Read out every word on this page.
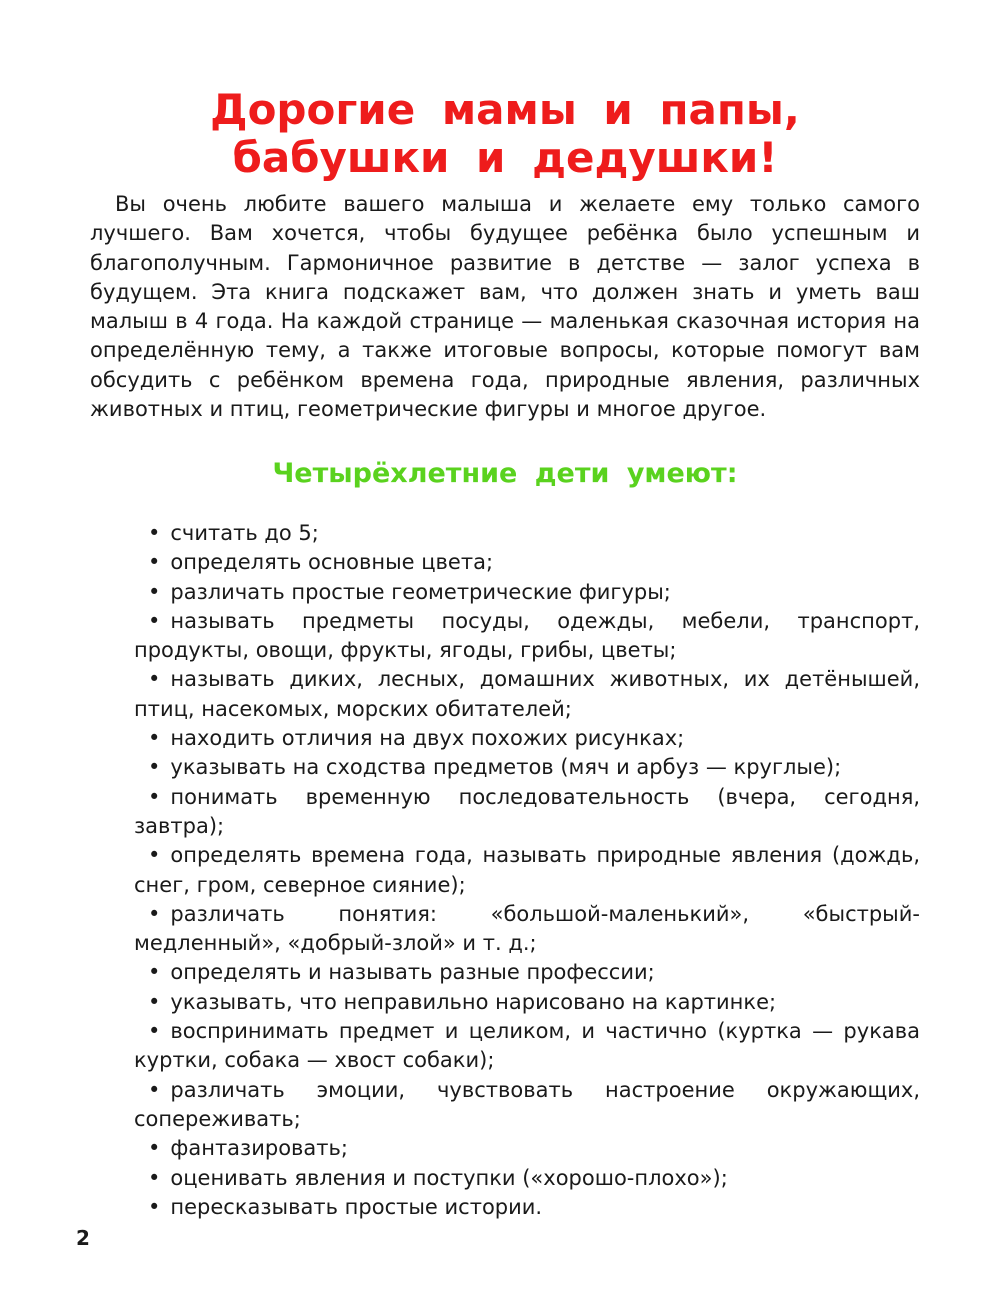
Дорогие мамы и папы,
бабушки и дедушки!

Вы очень любите вашего малыша и желаете ему только самого лучшего. Вам хочется, чтобы будущее ребёнка было успешным и благополучным. Гармоничное развитие в детстве — залог успеха в будущем. Эта книга подскажет вам, что должен знать и уметь ваш малыш в 4 года. На каждой странице — маленькая сказочная история на определённую тему, а также итоговые вопросы, которые помогут вам обсудить с ребёнком времена года, природные явления, различных животных и птиц, геометрические фигуры и многое другое.

Четырёхлетние дети умеют:
• считать до 5;
• определять основные цвета;
• различать простые геометрические фигуры;
• называть предметы посуды, одежды, мебели, транспорт, продукты, овощи, фрукты, ягоды, грибы, цветы;
• называть диких, лесных, домашних животных, их детёнышей, птиц, насекомых, морских обитателей;
• находить отличия на двух похожих рисунках;
• указывать на сходства предметов (мяч и арбуз — круглые);
• понимать временную последовательность (вчера, сегодня, завтра);
• определять времена года, называть природные явления (дождь, снег, гром, северное сияние);
• различать понятия: «большой-маленький», «быстрый-медленный», «добрый-злой» и т. д.;
• определять и называть разные профессии;
• указывать, что неправильно нарисовано на картинке;
• воспринимать предмет и целиком, и частично (куртка — рукава куртки, собака — хвост собаки);
• различать эмоции, чувствовать настроение окружающих, сопереживать;
• фантазировать;
• оценивать явления и поступки («хорошо-плохо»);
• пересказывать простые истории.
2
